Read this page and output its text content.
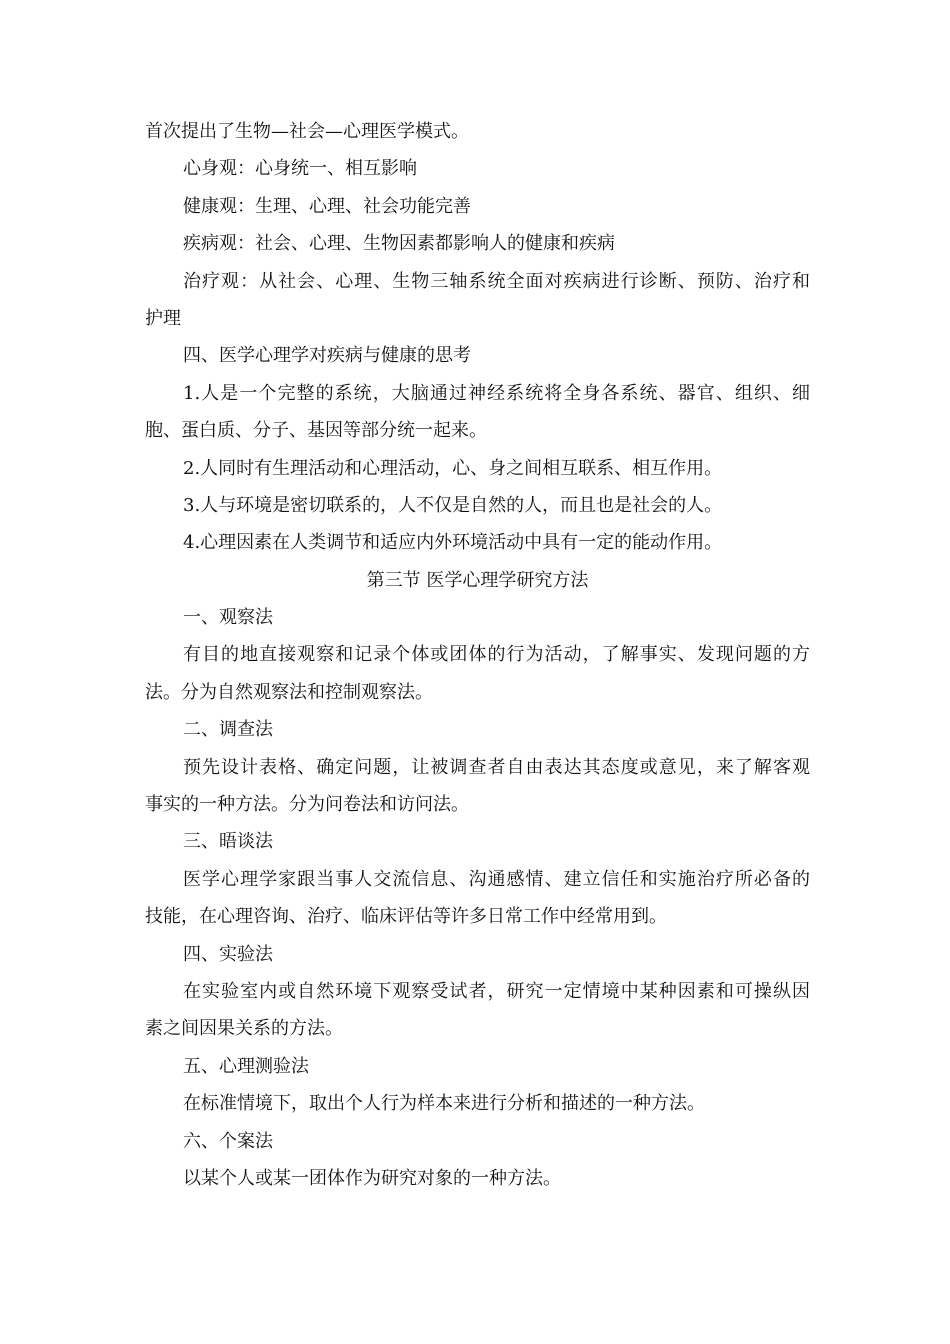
首次提出了生物—社会—心理医学模式。

心身观：心身统一、相互影响

健康观：生理、心理、社会功能完善

疾病观：社会、心理、生物因素都影响人的健康和疾病

治疗观：从社会、心理、生物三轴系统全面对疾病进行诊断、预防、治疗和

护理

四、医学心理学对疾病与健康的思考

1.人是一个完整的系统，大脑通过神经系统将全身各系统、器官、组织、细

胞、蛋白质、分子、基因等部分统一起来。

2.人同时有生理活动和心理活动，心、身之间相互联系、相互作用。

3.人与环境是密切联系的，人不仅是自然的人，而且也是社会的人。

4.心理因素在人类调节和适应内外环境活动中具有一定的能动作用。

第三节 医学心理学研究方法

一、观察法

有目的地直接观察和记录个体或团体的行为活动，了解事实、发现问题的方

法。分为自然观察法和控制观察法。

二、调查法

预先设计表格、确定问题，让被调查者自由表达其态度或意见，来了解客观

事实的一种方法。分为问卷法和访问法。

三、晤谈法

医学心理学家跟当事人交流信息、沟通感情、建立信任和实施治疗所必备的

技能，在心理咨询、治疗、临床评估等许多日常工作中经常用到。

四、实验法

在实验室内或自然环境下观察受试者，研究一定情境中某种因素和可操纵因

素之间因果关系的方法。

五、心理测验法

在标准情境下，取出个人行为样本来进行分析和描述的一种方法。

六、个案法

以某个人或某一团体作为研究对象的一种方法。
